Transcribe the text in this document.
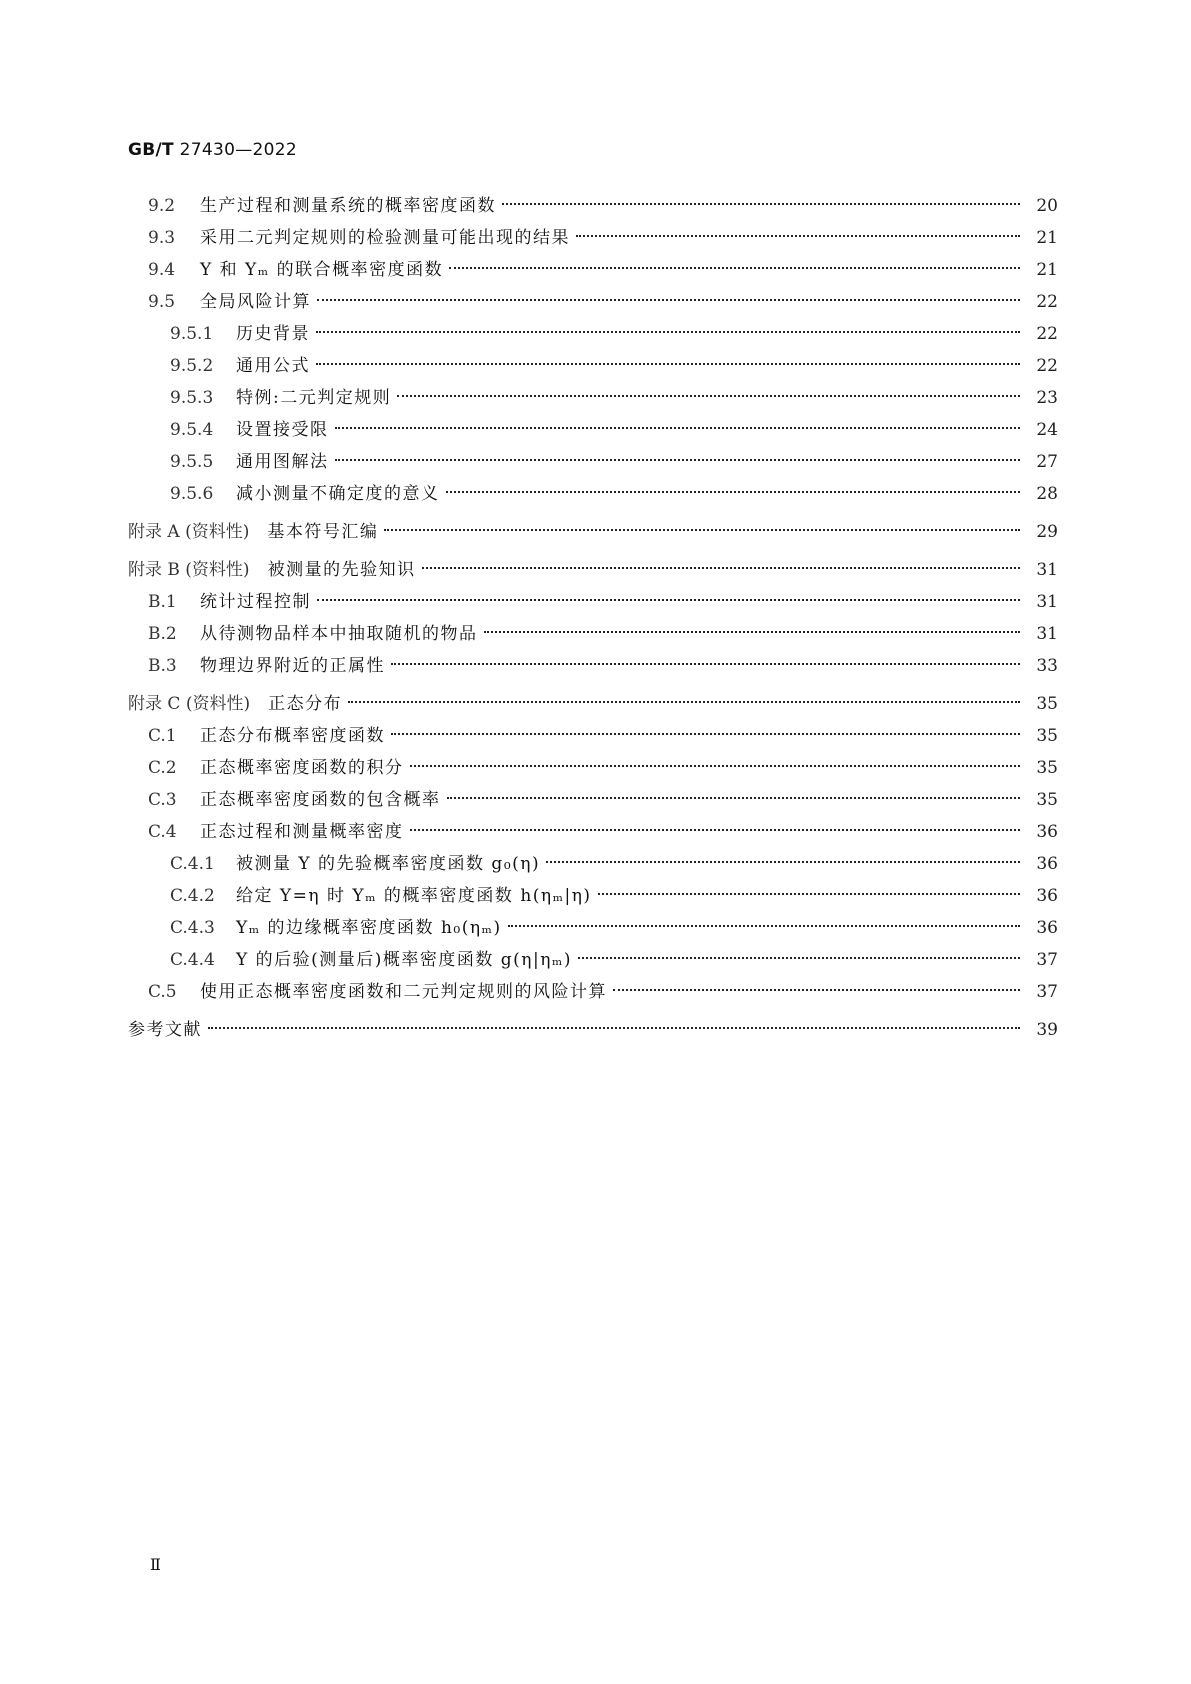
GB/T 27430—2022
9.2	生产过程和测量系统的概率密度函数	20
9.3	采用二元判定规则的检验测量可能出现的结果	21
9.4	Y 和 Yₘ 的联合概率密度函数	21
9.5	全局风险计算	22
9.5.1	历史背景	22
9.5.2	通用公式	22
9.5.3	特例:二元判定规则	23
9.5.4	设置接受限	24
9.5.5	通用图解法	27
9.5.6	减小测量不确定度的意义	28
附录 A (资料性) 基本符号汇编	29
附录 B (资料性) 被测量的先验知识	31
B.1	统计过程控制	31
B.2	从待测物品样本中抽取随机的物品	31
B.3	物理边界附近的正属性	33
附录 C (资料性) 正态分布	35
C.1	正态分布概率密度函数	35
C.2	正态概率密度函数的积分	35
C.3	正态概率密度函数的包含概率	35
C.4	正态过程和测量概率密度	36
C.4.1	被测量 Y 的先验概率密度函数 g₀(η)	36
C.4.2	给定 Y=η 时 Yₘ 的概率密度函数 h(ηₘ|η)	36
C.4.3	Yₘ 的边缘概率密度函数 h₀(ηₘ)	36
C.4.4	Y 的后验(测量后)概率密度函数 g(η|ηₘ)	37
C.5	使用正态概率密度函数和二元判定规则的风险计算	37
参考文献	39
Ⅱ
